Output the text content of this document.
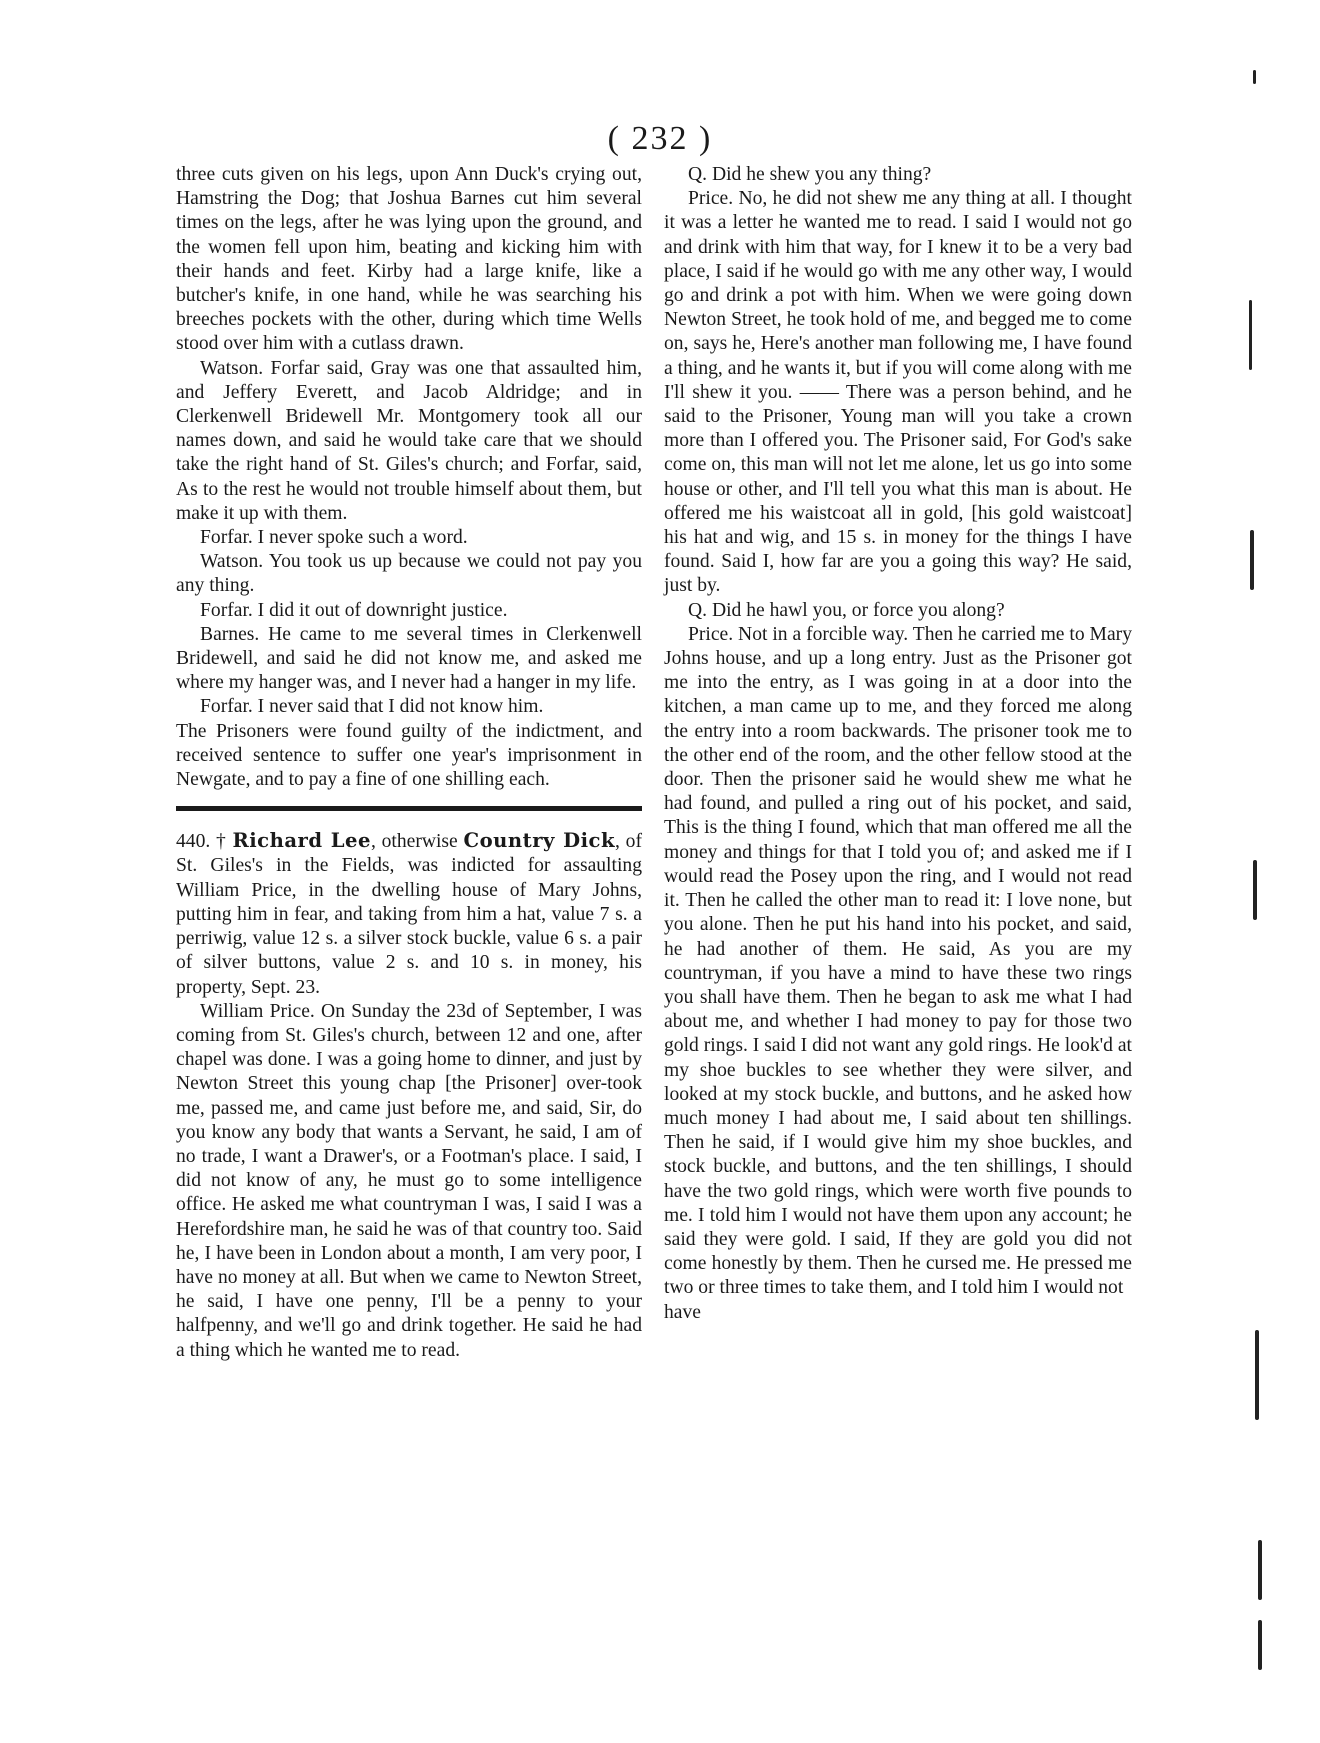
( 232 )

three cuts given on his legs, upon Ann Duck's crying out, Hamstring the Dog; that Joshua Barnes cut him several times on the legs, after he was lying upon the ground, and the women fell upon him, beating and kicking him with their hands and feet. Kirby had a large knife, like a butcher's knife, in one hand, while he was searching his breeches pockets with the other, during which time Wells stood over him with a cutlass drawn.

Watson. Forfar said, Gray was one that assaulted him, and Jeffery Everett, and Jacob Aldridge; and in Clerkenwell Bridewell Mr. Montgomery took all our names down, and said he would take care that we should take the right hand of St. Giles's church; and Forfar, said, As to the rest he would not trouble himself about them, but make it up with them.

Forfar. I never spoke such a word.

Watson. You took us up because we could not pay you any thing.

Forfar. I did it out of downright justice.

Barnes. He came to me several times in Clerkenwell Bridewell, and said he did not know me, and asked me where my hanger was, and I never had a hanger in my life.

Forfar. I never said that I did not know him.

The Prisoners were found guilty of the indictment, and received sentence to suffer one year's imprisonment in Newgate, and to pay a fine of one shilling each.

440. † Richard Lee, otherwise Country Dick, of St. Giles's in the Fields, was indicted for assaulting William Price, in the dwelling house of Mary Johns, putting him in fear, and taking from him a hat, value 7 s. a perriwig, value 12 s. a silver stock buckle, value 6 s. a pair of silver buttons, value 2 s. and 10 s. in money, his property, Sept. 23.

William Price. On Sunday the 23d of September, I was coming from St. Giles's church, between 12 and one, after chapel was done. I was a going home to dinner, and just by Newton Street this young chap [the Prisoner] over-took me, passed me, and came just before me, and said, Sir, do you know any body that wants a Servant, he said, I am of no trade, I want a Drawer's, or a Footman's place. I said, I did not know of any, he must go to some intelligence office. He asked me what countryman I was, I said I was a Herefordshire man, he said he was of that country too. Said he, I have been in London about a month, I am very poor, I have no money at all. But when we came to Newton Street, he said, I have one penny, I'll be a penny to your halfpenny, and we'll go and drink together. He said he had a thing which he wanted me to read.

Q. Did he shew you any thing?

Price. No, he did not shew me any thing at all. I thought it was a letter he wanted me to read. I said I would not go and drink with him that way, for I knew it to be a very bad place, I said if he would go with me any other way, I would go and drink a pot with him. When we were going down Newton Street, he took hold of me, and begged me to come on, says he, Here's another man following me, I have found a thing, and he wants it, but if you will come along with me I'll shew it you. —— There was a person behind, and he said to the Prisoner, Young man will you take a crown more than I offered you. The Prisoner said, For God's sake come on, this man will not let me alone, let us go into some house or other, and I'll tell you what this man is about. He offered me his waistcoat all in gold, [his gold waistcoat] his hat and wig, and 15 s. in money for the things I have found. Said I, how far are you a going this way? He said, just by.

Q. Did he hawl you, or force you along?

Price. Not in a forcible way. Then he carried me to Mary Johns house, and up a long entry. Just as the Prisoner got me into the entry, as I was going in at a door into the kitchen, a man came up to me, and they forced me along the entry into a room backwards. The prisoner took me to the other end of the room, and the other fellow stood at the door. Then the prisoner said he would shew me what he had found, and pulled a ring out of his pocket, and said, This is the thing I found, which that man offered me all the money and things for that I told you of; and asked me if I would read the Posey upon the ring, and I would not read it. Then he called the other man to read it: I love none, but you alone. Then he put his hand into his pocket, and said, he had another of them. He said, As you are my countryman, if you have a mind to have these two rings you shall have them. Then he began to ask me what I had about me, and whether I had money to pay for those two gold rings. I said I did not want any gold rings. He look'd at my shoe buckles to see whether they were silver, and looked at my stock buckle, and buttons, and he asked how much money I had about me, I said about ten shillings. Then he said, if I would give him my shoe buckles, and stock buckle, and buttons, and the ten shillings, I should have the two gold rings, which were worth five pounds to me. I told him I would not have them upon any account; he said they were gold. I said, If they are gold you did not come honestly by them. Then he cursed me. He pressed me two or three times to take them, and I told him I would not

have
